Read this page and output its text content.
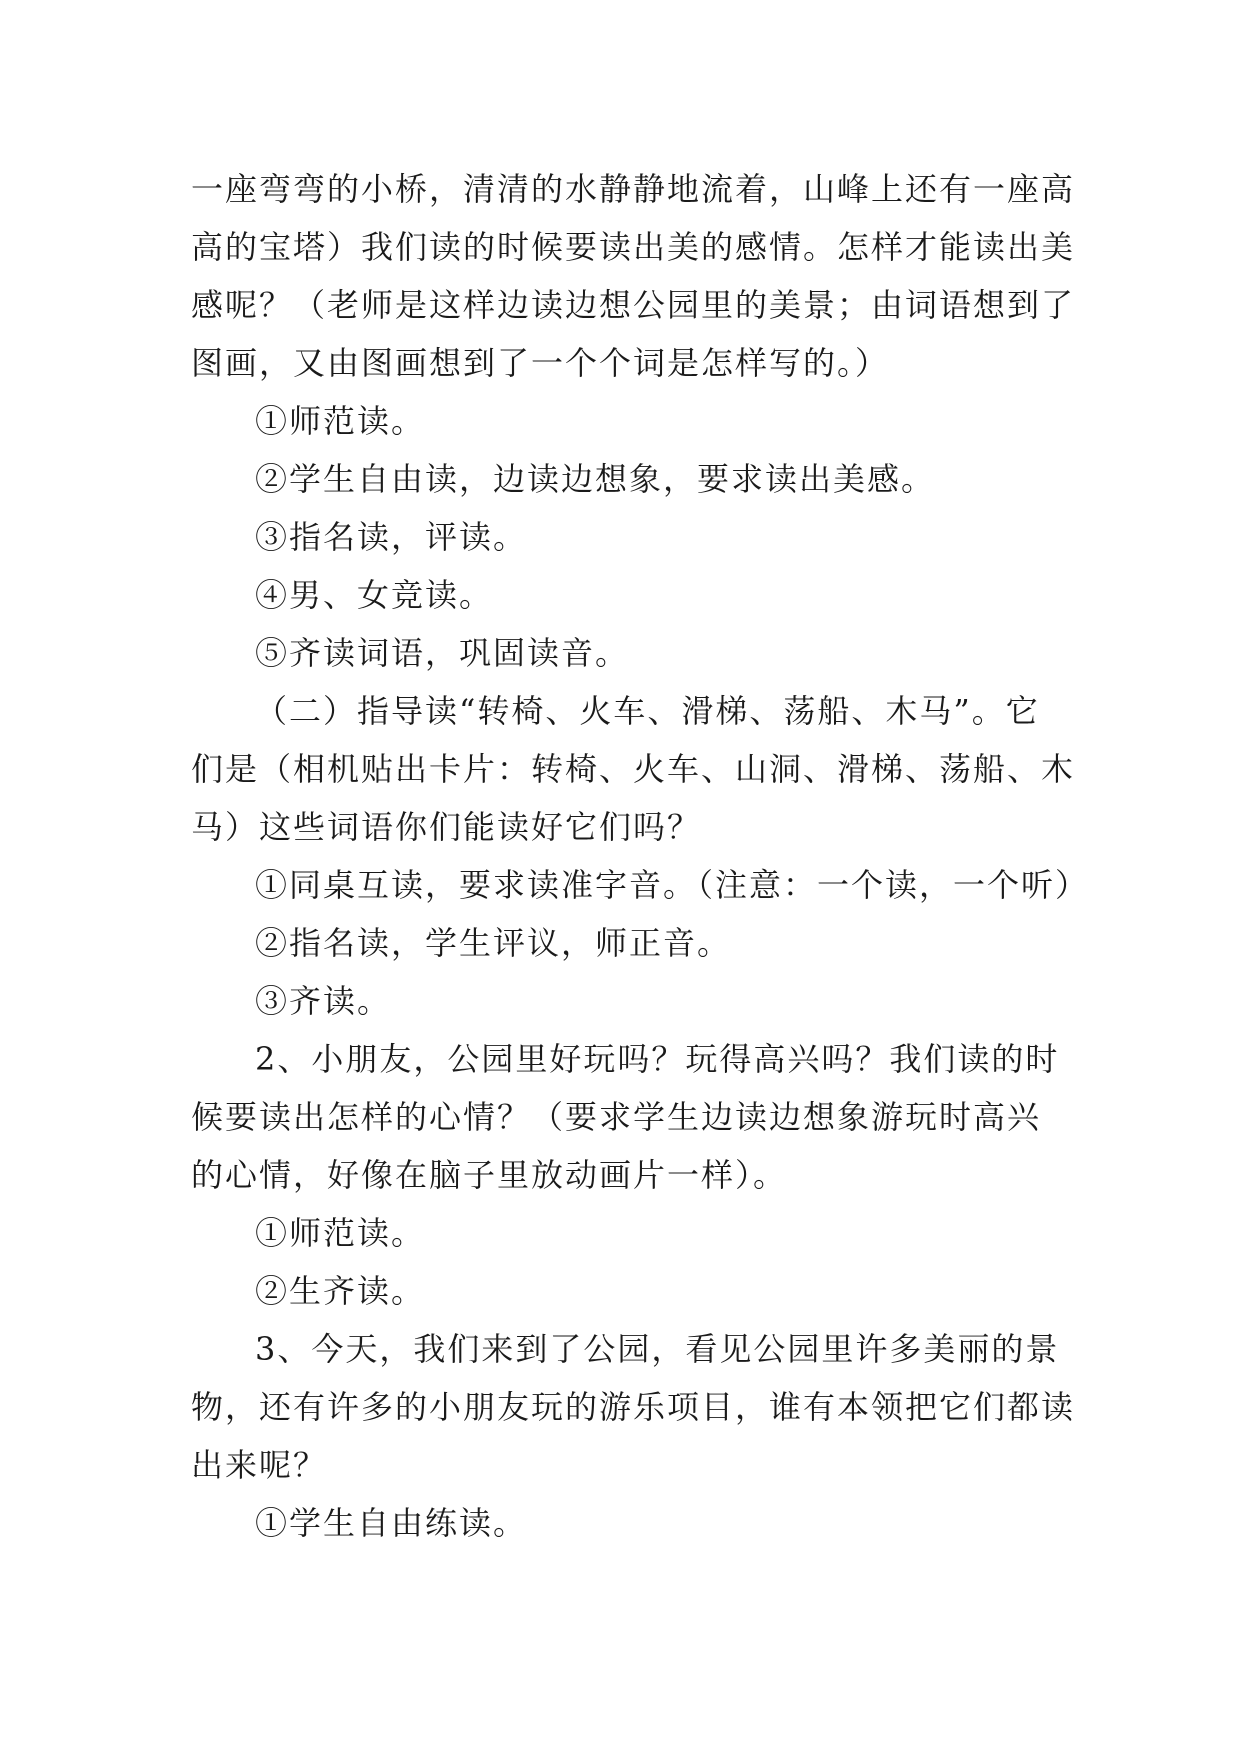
一座弯弯的小桥，清清的水静静地流着，山峰上还有一座高
高的宝塔）我们读的时候要读出美的感情。怎样才能读出美
感呢？（老师是这样边读边想公园里的美景；由词语想到了
图画，又由图画想到了一个个词是怎样写的。）
①师范读。
②学生自由读，边读边想象，要求读出美感。
③指名读，评读。
④男、女竞读。
⑤齐读词语，巩固读音。
（二）指导读“转椅、火车、滑梯、荡船、木马”。它
们是（相机贴出卡片：转椅、火车、山洞、滑梯、荡船、木
马）这些词语你们能读好它们吗？
①同桌互读，要求读准字音。（注意：一个读，一个听）
②指名读，学生评议，师正音。
③齐读。
2、小朋友，公园里好玩吗？玩得高兴吗？我们读的时
候要读出怎样的心情？（要求学生边读边想象游玩时高兴
的心情，好像在脑子里放动画片一样）。
①师范读。
②生齐读。
3、今天，我们来到了公园，看见公园里许多美丽的景
物，还有许多的小朋友玩的游乐项目，谁有本领把它们都读
出来呢？
①学生自由练读。
